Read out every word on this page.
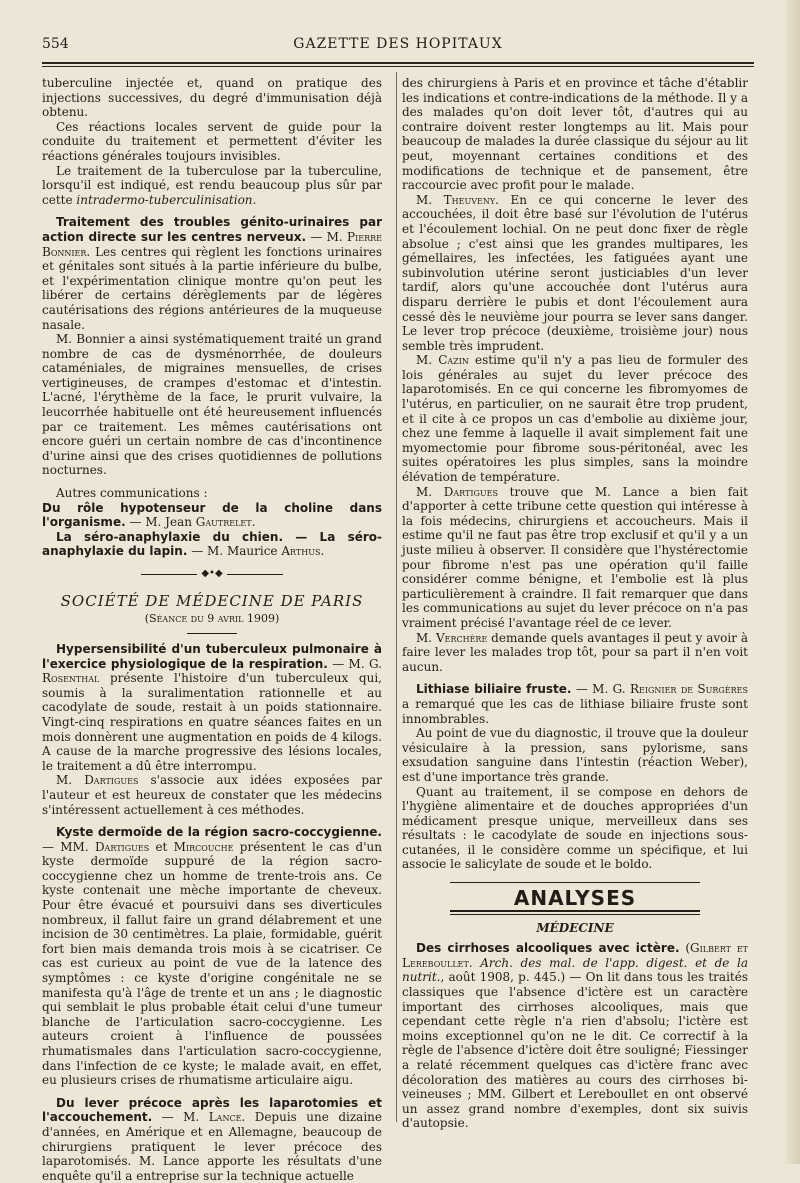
554	GAZETTE DES HOPITAUX

tuberculine injectée et, quand on pratique des injections successives, du degré d'immunisation déjà obtenu.

Ces réactions locales servent de guide pour la conduite du traitement et permettent d'éviter les réactions générales toujours invisibles.

Le traitement de la tuberculose par la tuberculine, lorsqu'il est indiqué, est rendu beaucoup plus sûr par cette intradermo-tuberculinisation.

Traitement des troubles génito-urinaires par action directe sur les centres nerveux. — M. Pierre Bonnier. Les centres qui règlent les fonctions urinaires et génitales sont situés à la partie inférieure du bulbe, et l'expérimentation clinique montre qu'on peut les libérer de certains dérèglements par de légères cautérisations des régions antérieures de la muqueuse nasale.

M. Bonnier a ainsi systématiquement traité un grand nombre de cas de dysménorrhée, de douleurs cataméniales, de migraines mensuelles, de crises vertigineuses, de crampes d'estomac et d'intestin. L'acné, l'érythème de la face, le prurit vulvaire, la leucorrhée habituelle ont été heureusement influencés par ce traitement. Les mêmes cautérisations ont encore guéri un certain nombre de cas d'incontinence d'urine ainsi que des crises quotidiennes de pollutions nocturnes.

Autres communications :

Du rôle hypotenseur de la choline dans l'organisme. — M. Jean Gautrelet.

La séro-anaphylaxie du chien. — La séro-anaphylaxie du lapin. — M. Maurice Arthus.

◆•◆
SOCIÉTÉ DE MÉDECINE DE PARIS
(Séance du 9 avril 1909)

Hypersensibilité d'un tuberculeux pulmonaire à l'exercice physiologique de la respiration. — M. G. Rosenthal présente l'histoire d'un tuberculeux qui, soumis à la suralimentation rationnelle et au cacodylate de soude, restait à un poids stationnaire. Vingt-cinq respirations en quatre séances faites en un mois donnèrent une augmentation en poids de 4 kilogs. A cause de la marche progressive des lésions locales, le traitement a dû être interrompu.

M. Dartigues s'associe aux idées exposées par l'auteur et est heureux de constater que les médecins s'intéressent actuellement à ces méthodes.

Kyste dermoïde de la région sacro-coccygienne. — MM. Dartigues et Mircouche présentent le cas d'un kyste dermoïde suppuré de la région sacro-coccygienne chez un homme de trente-trois ans. Ce kyste contenait une mèche importante de cheveux. Pour être évacué et poursuivi dans ses diverticules nombreux, il fallut faire un grand délabrement et une incision de 30 centimètres. La plaie, formidable, guérit fort bien mais demanda trois mois à se cicatriser. Ce cas est curieux au point de vue de la latence des symptômes : ce kyste d'origine congénitale ne se manifesta qu'à l'âge de trente et un ans ; le diagnostic qui semblait le plus probable était celui d'une tumeur blanche de l'articulation sacro-coccygienne. Les auteurs croient à l'influence de poussées rhumatismales dans l'articulation sacro-coccygienne, dans l'infection de ce kyste; le malade avait, en effet, eu plusieurs crises de rhumatisme articulaire aigu.

Du lever précoce après les laparotomies et l'accouchement. — M. Lance. Depuis une dizaine d'années, en Amérique et en Allemagne, beaucoup de chirurgiens pratiquent le lever précoce des laparotomisés. M. Lance apporte les résultats d'une enquête qu'il a entreprise sur la technique actuelle

des chirurgiens à Paris et en province et tâche d'établir les indications et contre-indications de la méthode. Il y a des malades qu'on doit lever tôt, d'autres qui au contraire doivent rester longtemps au lit. Mais pour beaucoup de malades la durée classique du séjour au lit peut, moyennant certaines conditions et des modifications de technique et de pansement, être raccourcie avec profit pour le malade.

M. Theuveny. En ce qui concerne le lever des accouchées, il doit être basé sur l'évolution de l'utérus et l'écoulement lochial. On ne peut donc fixer de règle absolue ; c'est ainsi que les grandes multipares, les gémellaires, les infectées, les fatiguées ayant une subinvolution utérine seront justiciables d'un lever tardif, alors qu'une accouchée dont l'utérus aura disparu derrière le pubis et dont l'écoulement aura cessé dès le neuvième jour pourra se lever sans danger. Le lever trop précoce (deuxième, troisième jour) nous semble très imprudent.

M. Cazin estime qu'il n'y a pas lieu de formuler des lois générales au sujet du lever précoce des laparotomisés. En ce qui concerne les fibromyomes de l'utérus, en particulier, on ne saurait être trop prudent, et il cite à ce propos un cas d'embolie au dixième jour, chez une femme à laquelle il avait simplement fait une myomectomie pour fibrome sous-péritonéal, avec les suites opératoires les plus simples, sans la moindre élévation de température.

M. Dartigues trouve que M. Lance a bien fait d'apporter à cette tribune cette question qui intéresse à la fois médecins, chirurgiens et accoucheurs. Mais il estime qu'il ne faut pas être trop exclusif et qu'il y a un juste milieu à observer. Il considère que l'hystérectomie pour fibrome n'est pas une opération qu'il faille considérer comme bénigne, et l'embolie est là plus particulièrement à craindre. Il fait remarquer que dans les communications au sujet du lever précoce on n'a pas vraiment précisé l'avantage réel de ce lever.

M. Verchère demande quels avantages il peut y avoir à faire lever les malades trop tôt, pour sa part il n'en voit aucun.

Lithiase biliaire fruste. — M. G. Reignier de Surgères a remarqué que les cas de lithiase biliaire fruste sont innombrables.

Au point de vue du diagnostic, il trouve que la douleur vésiculaire à la pression, sans pylorisme, sans exsudation sanguine dans l'intestin (réaction Weber), est d'une importance très grande.

Quant au traitement, il se compose en dehors de l'hygiène alimentaire et de douches appropriées d'un médicament presque unique, merveilleux dans ses résultats : le cacodylate de soude en injections sous-cutanées, il le considère comme un spécifique, et lui associe le salicylate de soude et le boldo.

ANALYSES
MÉDECINE

Des cirrhoses alcooliques avec ictère. (Gilbert et Lereboullet. Arch. des mal. de l'app. digest. et de la nutrit., août 1908, p. 445.) — On lit dans tous les traités classiques que l'absence d'ictère est un caractère important des cirrhoses alcooliques, mais que cependant cette règle n'a rien d'absolu; l'ictère est moins exceptionnel qu'on ne le dit. Ce correctif à la règle de l'absence d'ictère doit être souligné; Fiessinger a relaté récemment quelques cas d'ictère franc avec décoloration des matières au cours des cirrhoses bi-veineuses ; MM. Gilbert et Lereboullet en ont observé un assez grand nombre d'exemples, dont six suivis d'autopsie.
